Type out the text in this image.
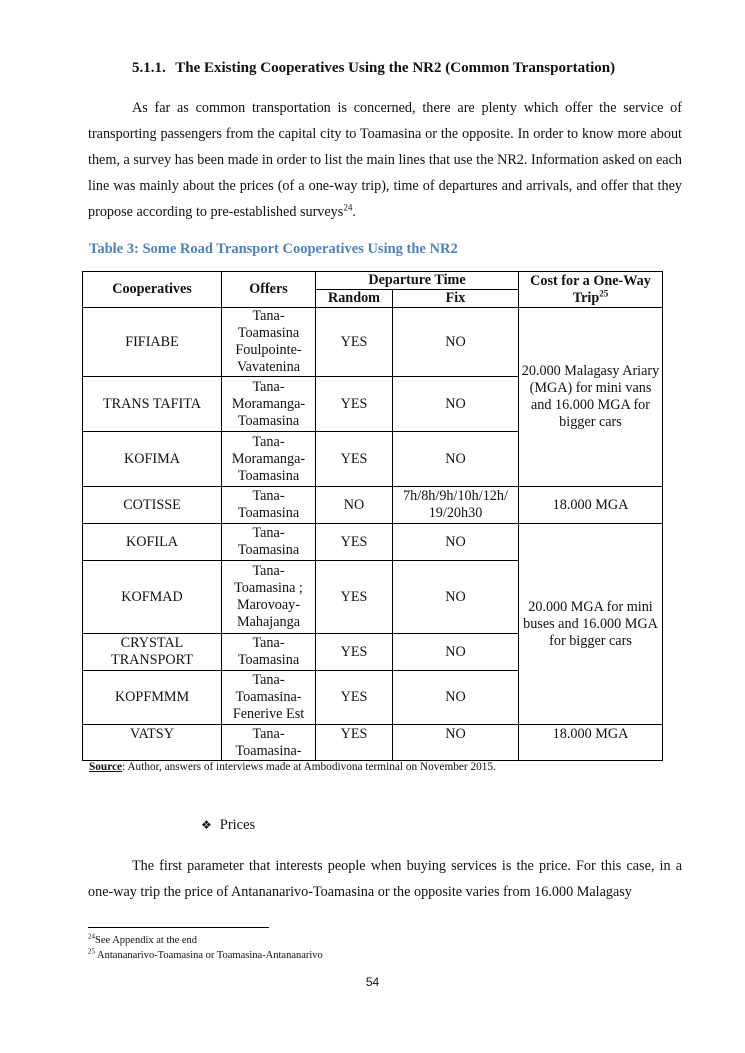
5.1.1. The Existing Cooperatives Using the NR2 (Common Transportation)
As far as common transportation is concerned, there are plenty which offer the service of transporting passengers from the capital city to Toamasina or the opposite. In order to know more about them, a survey has been made in order to list the main lines that use the NR2. Information asked on each line was mainly about the prices (of a one-way trip), time of departures and arrivals, and offer that they propose according to pre-established surveys$^{24}$.
Table 3: Some Road Transport Cooperatives Using the NR2
Cooperatives	Offers	Departure Time		Cost for a One-Way Trip$^{25}$
		Random	Fix	
FIFIABE	Tana-Toamasina Foulpointe-Vavatenina	YES	NO	20.000 Malagasy Ariary (MGA) for mini vans and 16.000 MGA for bigger cars
TRANS TAFITA	Tana-Moramanga-Toamasina	YES	NO	
KOFIMA	Tana-Moramanga-Toamasina	YES	NO	
COTISSE	Tana-Toamasina	NO	7h/8h/9h/10h/12h/ 19/20h30	18.000 MGA
KOFILA	Tana-Toamasina	YES	NO	20.000 MGA for mini buses and 16.000 MGA for bigger cars
KOFMAD	Tana-Toamasina ; Marovoay-Mahajanga	YES	NO	
CRYSTAL TRANSPORT	Tana-Toamasina	YES	NO	
KOPFMMM	Tana-Toamasina-Fenerive Est	YES	NO	
VATSY	Tana-Toamasina-	YES	NO	18.000 MGA
Source: Author, answers of interviews made at Ambodivona terminal on November 2015.
❖ Prices
The first parameter that interests people when buying services is the price. For this case, in a one-way trip the price of Antananarivo-Toamasina or the opposite varies from 16.000 Malagasy
$^{24}$See Appendix at the end
$^{25}$ Antananarivo-Toamasina or Toamasina-Antananarivo
54
